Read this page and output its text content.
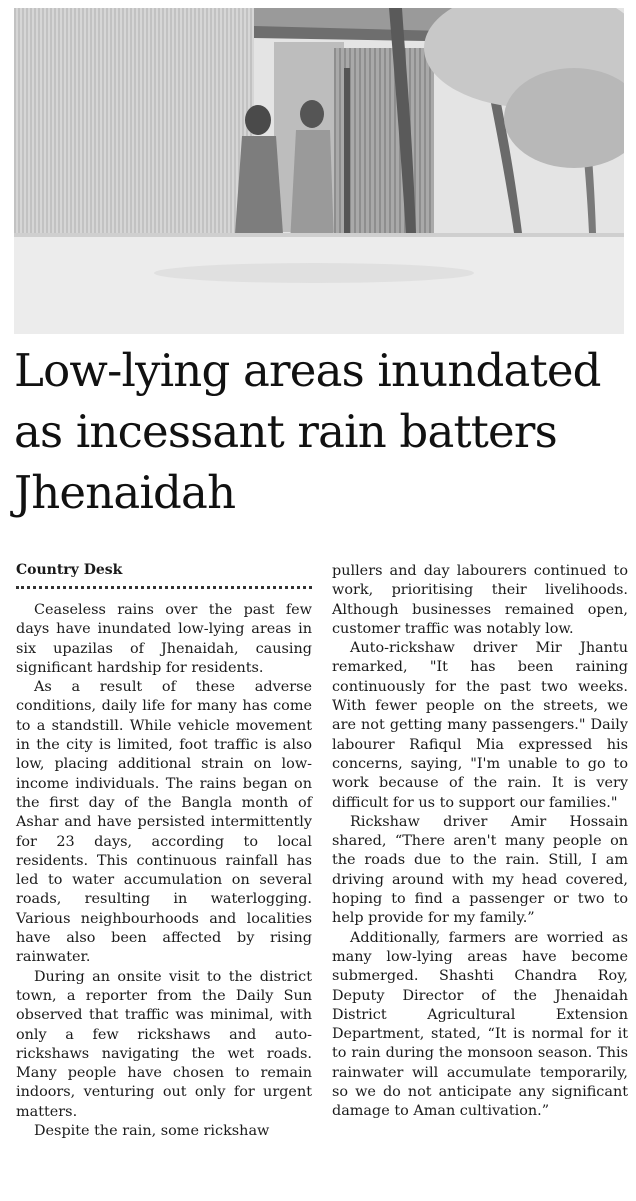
Low-lying areas inundated as incessant rain batters Jhenaidah
Country Desk

Ceaseless rains over the past few days have inundated low-lying areas in six upazilas of Jhenaidah, causing significant hardship for residents.

As a result of these adverse conditions, daily life for many has come to a standstill. While vehicle movement in the city is limited, foot traffic is also low, placing additional strain on low-income individuals. The rains began on the first day of the Bangla month of Ashar and have persisted intermittently for 23 days, according to local residents. This continuous rainfall has led to water accumulation on several roads, resulting in waterlogging. Various neighbourhoods and localities have also been affected by rising rainwater.

During an onsite visit to the district town, a reporter from the Daily Sun observed that traffic was minimal, with only a few rickshaws and auto-rickshaws navigating the wet roads. Many people have chosen to remain indoors, venturing out only for urgent matters.

Despite the rain, some rickshaw

pullers and day labourers continued to work, prioritising their livelihoods. Although businesses remained open, customer traffic was notably low.

Auto-rickshaw driver Mir Jhantu remarked, "It has been raining continuously for the past two weeks. With fewer people on the streets, we are not getting many passengers." Daily labourer Rafiqul Mia expressed his concerns, saying, "I'm unable to go to work because of the rain. It is very difficult for us to support our families."

Rickshaw driver Amir Hossain shared, “There aren't many people on the roads due to the rain. Still, I am driving around with my head covered, hoping to find a passenger or two to help provide for my family.”

Additionally, farmers are worried as many low-lying areas have become submerged. Shashti Chandra Roy, Deputy Director of the Jhenaidah District Agricultural Extension Department, stated, “It is normal for it to rain during the monsoon season. This rainwater will accumulate temporarily, so we do not anticipate any significant damage to Aman cultivation.”
